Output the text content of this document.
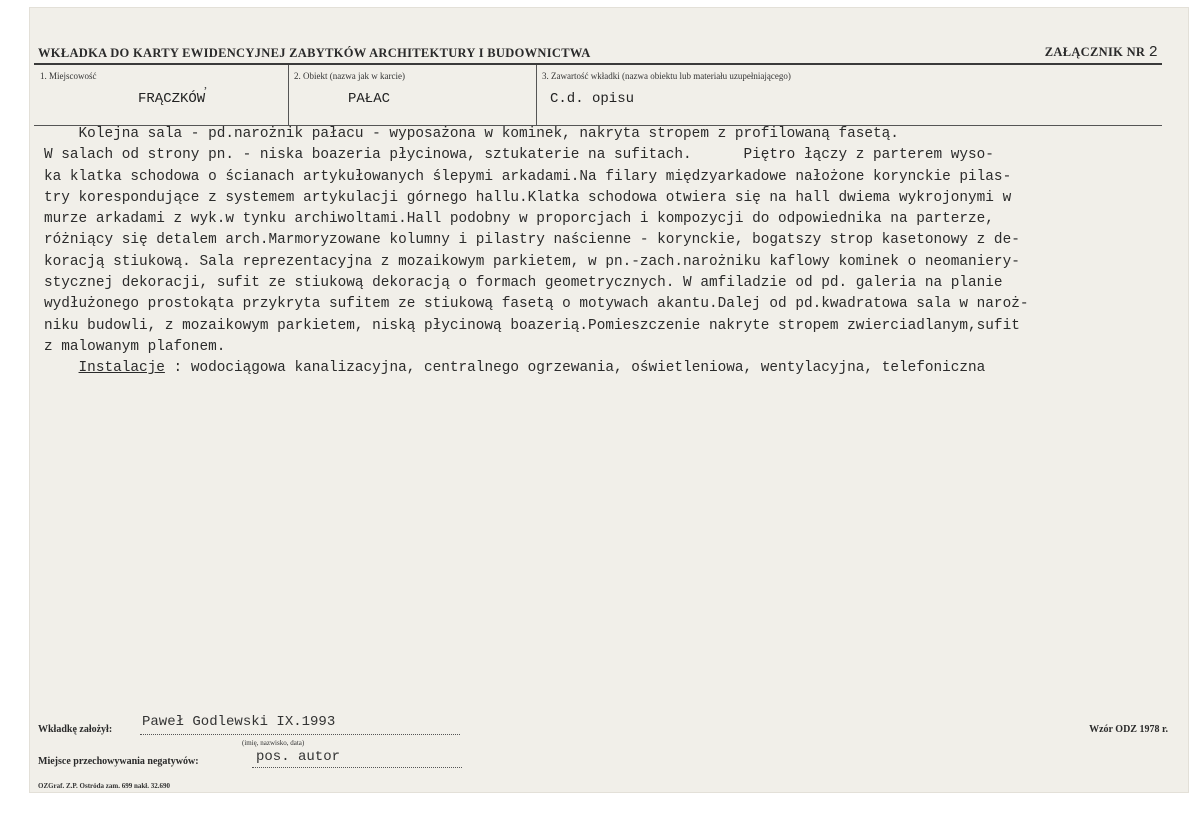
WKŁADKA DO KARTY EWIDENCYJNEJ ZABYTKÓW ARCHITEKTURY I BUDOWNICTWA	ZAŁĄCZNIK NR 2
1. Miejscowość
,
FRĄCZKÓW
2. Obiekt (nazwa jak w karcie)
PAŁAC
3. Zawartość wkładki (nazwa obiektu lub materiału uzupełniającego)
C.d. opisu
Kolejna sala - pd.narożnik pałacu - wyposażona w kominek, nakryta stropem z profilowaną fasetą.
W salach od strony pn. - niska boazeria płycinowa, sztukaterie na sufitach.      Piętro łączy z parterem wyso-
ka klatka schodowa o ścianach artykułowanych ślepymi arkadami.Na filary międzyarkadowe nałożone korynckie pilas-
try korespondujące z systemem artykulacji górnego hallu.Klatka schodowa otwiera się na hall dwiema wykrojonymi w
murze arkadami z wyk.w tynku archiwoltami.Hall podobny w proporcjach i kompozycji do odpowiednika na parterze,
różniący się detalem arch.Marmoryzowane kolumny i pilastry naścienne - korynckie, bogatszy strop kasetonowy z de-
koracją stiukową. Sala reprezentacyjna z mozaikowym parkietem, w pn.-zach.narożniku kaflowy kominek o neomaniery-
stycznej dekoracji, sufit ze stiukową dekoracją o formach geometrycznych. W amfiladzie od pd. galeria na planie
wydłużonego prostokąta przykryta sufitem ze stiukową fasetą o motywach akantu.Dalej od pd.kwadratowa sala w naroż-
niku budowli, z mozaikowym parkietem, niską płycinową boazerią.Pomieszczenie nakryte stropem zwierciadlanym,sufit
z malowanym plafonem.
Instalacje : wodociągowa kanalizacyjna, centralnego ogrzewania, oświetleniowa, wentylacyjna, telefoniczna
Wkładkę założył: Paweł Godlewski IX.1993
(imię, nazwisko, data)
Miejsce przechowywania negatywów:	pos. autor
OZGraf. Z.P. Ostróda zam. 699 nakł. 32.690
Wzór ODZ 1978 r.
